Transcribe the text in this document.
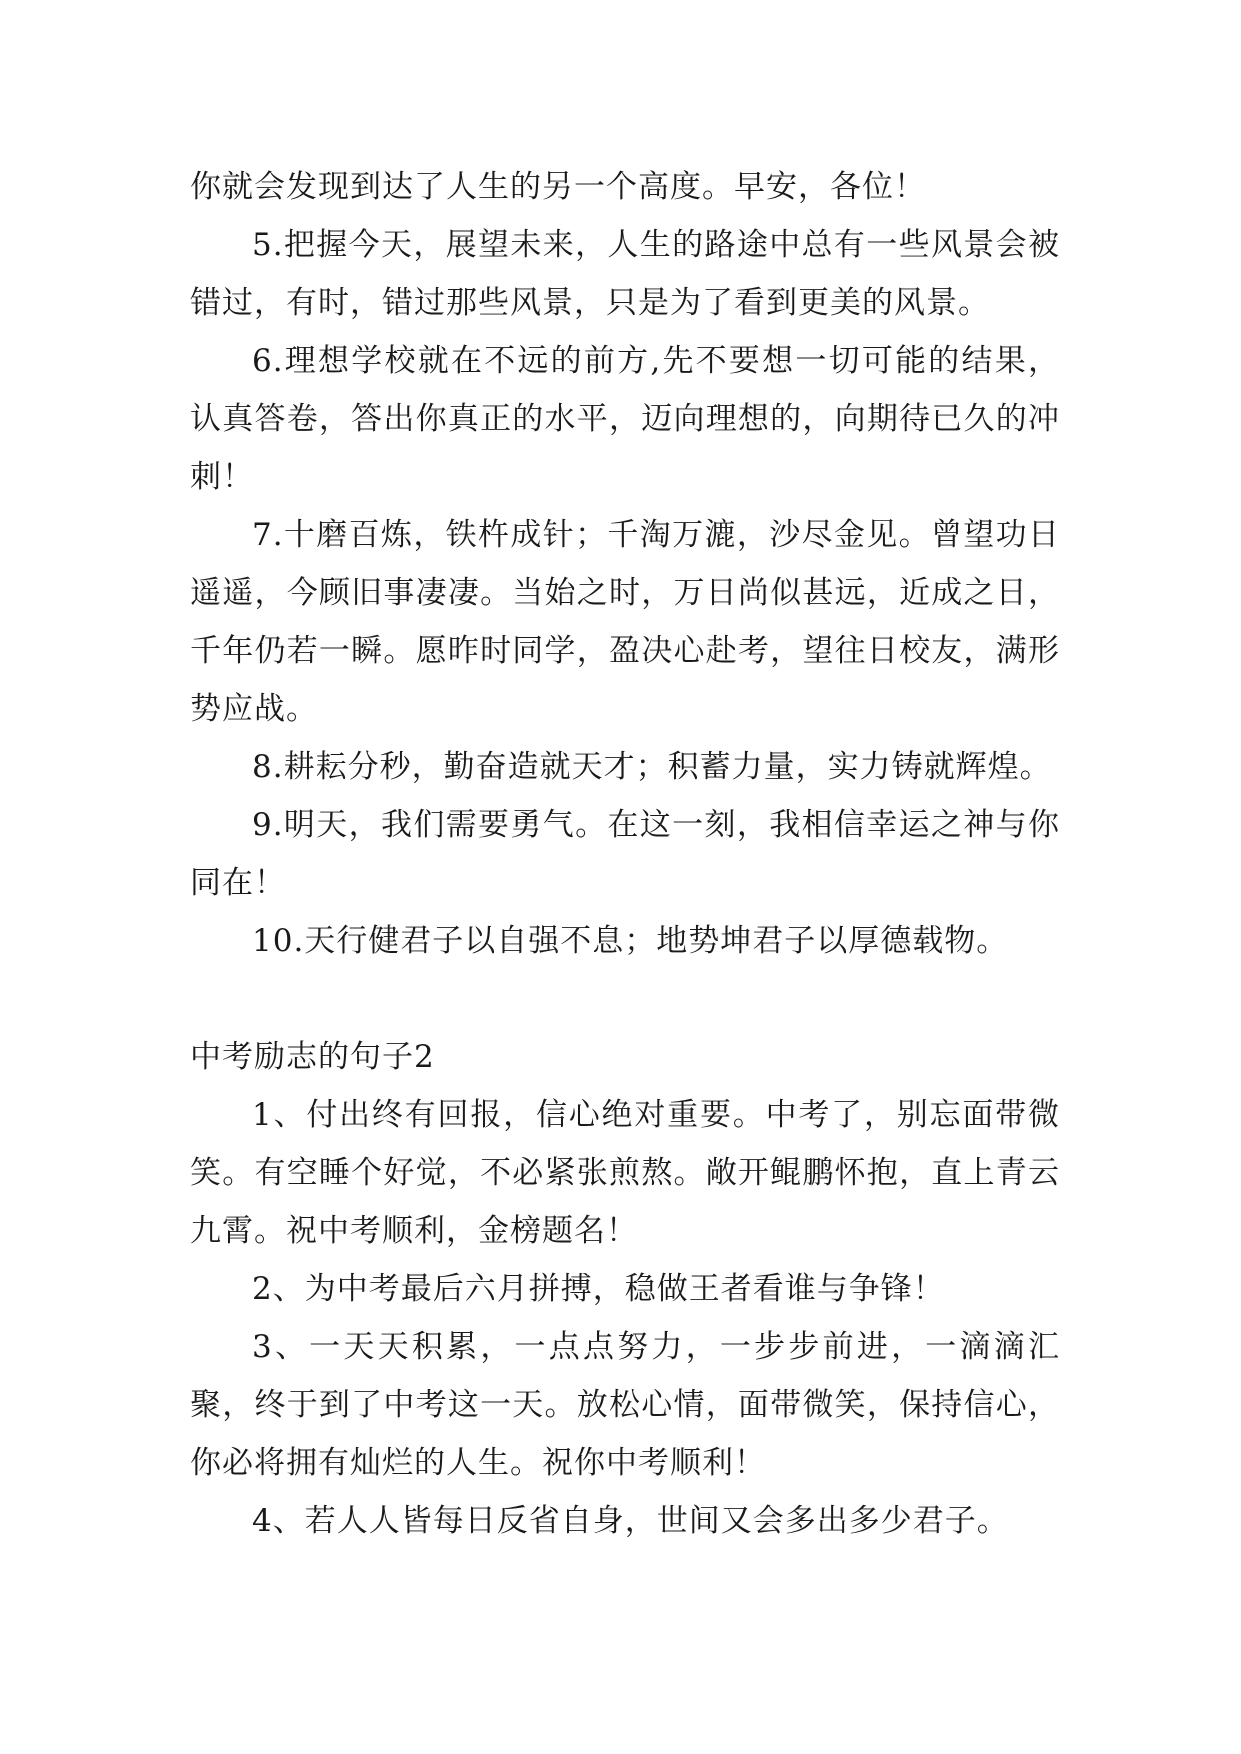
你就会发现到达了人生的另一个高度。早安，各位！

5.把握今天，展望未来，人生的路途中总有一些风景会被错过，有时，错过那些风景，只是为了看到更美的风景。

6.理想学校就在不远的前方,先不要想一切可能的结果，认真答卷，答出你真正的水平，迈向理想的，向期待已久的冲刺！

7.十磨百炼，铁杵成针；千淘万漉，沙尽金见。曾望功日遥遥，今顾旧事凄凄。当始之时，万日尚似甚远，近成之日，千年仍若一瞬。愿昨时同学，盈决心赴考，望往日校友，满形势应战。

8.耕耘分秒，勤奋造就天才；积蓄力量，实力铸就辉煌。

9.明天，我们需要勇气。在这一刻，我相信幸运之神与你同在！

10.天行健君子以自强不息；地势坤君子以厚德载物。

中考励志的句子2

1、付出终有回报，信心绝对重要。中考了，别忘面带微笑。有空睡个好觉，不必紧张煎熬。敞开鲲鹏怀抱，直上青云九霄。祝中考顺利，金榜题名！

2、为中考最后六月拼搏，稳做王者看谁与争锋！

3、一天天积累，一点点努力，一步步前进，一滴滴汇聚，终于到了中考这一天。放松心情，面带微笑，保持信心，你必将拥有灿烂的人生。祝你中考顺利！

4、若人人皆每日反省自身，世间又会多出多少君子。
